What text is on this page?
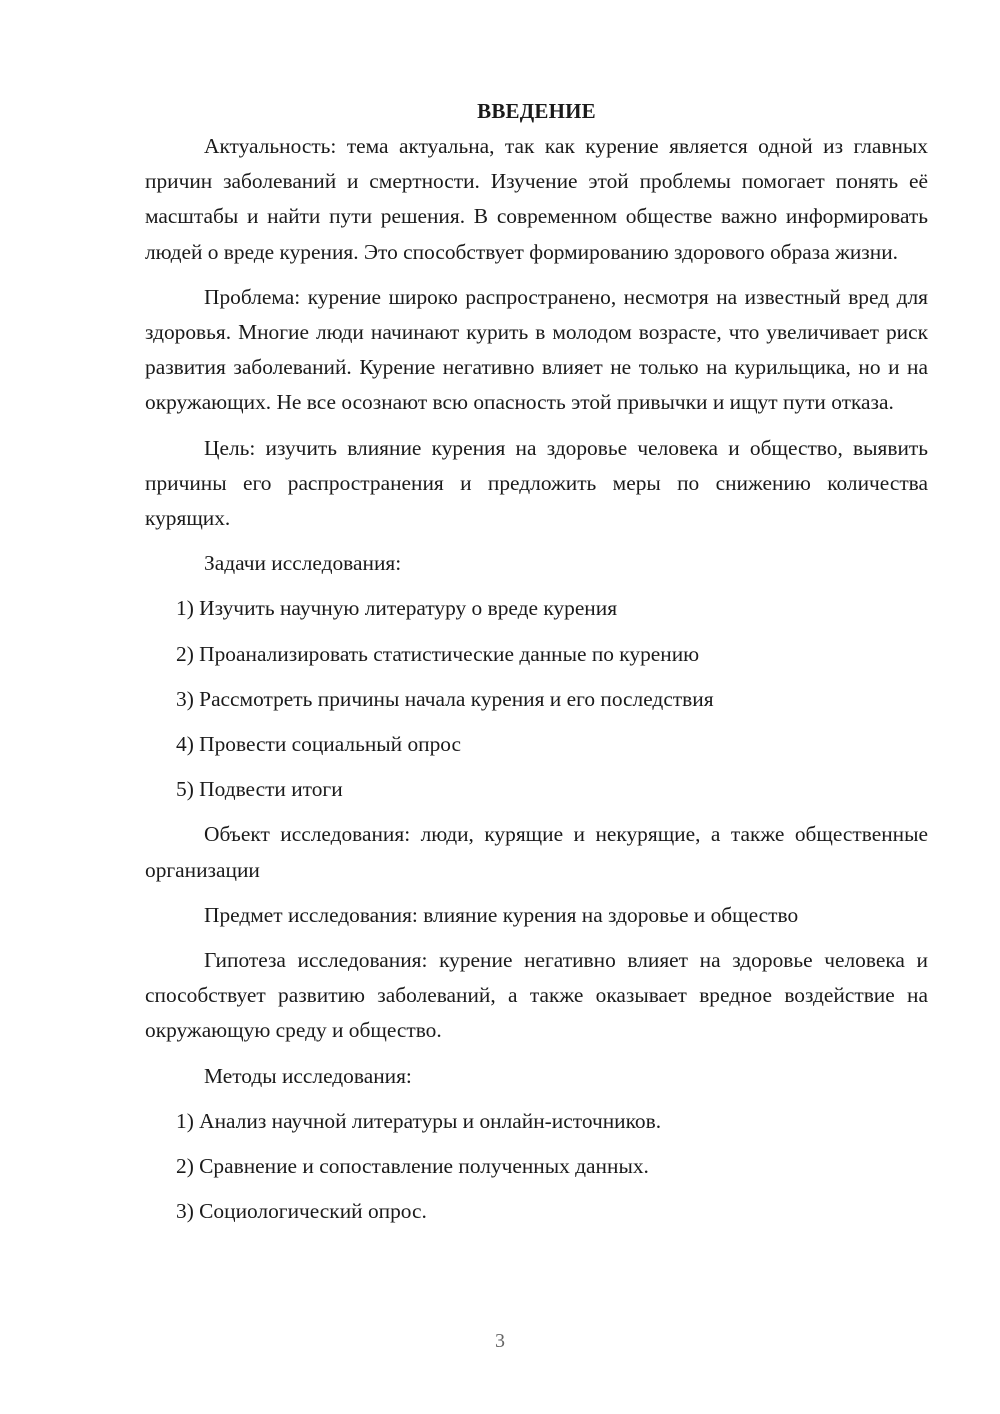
ВВЕДЕНИЕ

Актуальность: тема актуальна, так как курение является одной из главных причин заболеваний и смертности. Изучение этой проблемы помогает понять её масштабы и найти пути решения. В современном обществе важно информировать людей о вреде курения. Это способствует формированию здорового образа жизни.

Проблема: курение широко распространено, несмотря на известный вред для здоровья. Многие люди начинают курить в молодом возрасте, что увеличивает риск развития заболеваний. Курение негативно влияет не только на курильщика, но и на окружающих. Не все осознают всю опасность этой привычки и ищут пути отказа.

Цель: изучить влияние курения на здоровье человека и общество, выявить причины его распространения и предложить меры по снижению количества курящих.

Задачи исследования:

1) Изучить научную литературу о вреде курения
2) Проанализировать статистические данные по курению
3) Рассмотреть причины начала курения и его последствия
4) Провести социальный опрос
5) Подвести итоги

Объект исследования: люди, курящие и некурящие, а также общественные организации

Предмет исследования: влияние курения на здоровье и общество

Гипотеза исследования: курение негативно влияет на здоровье человека и способствует развитию заболеваний, а также оказывает вредное воздействие на окружающую среду и общество.

Методы исследования:

1) Анализ научной литературы и онлайн-источников.
2) Сравнение и сопоставление полученных данных.
3) Социологический опрос.
3
